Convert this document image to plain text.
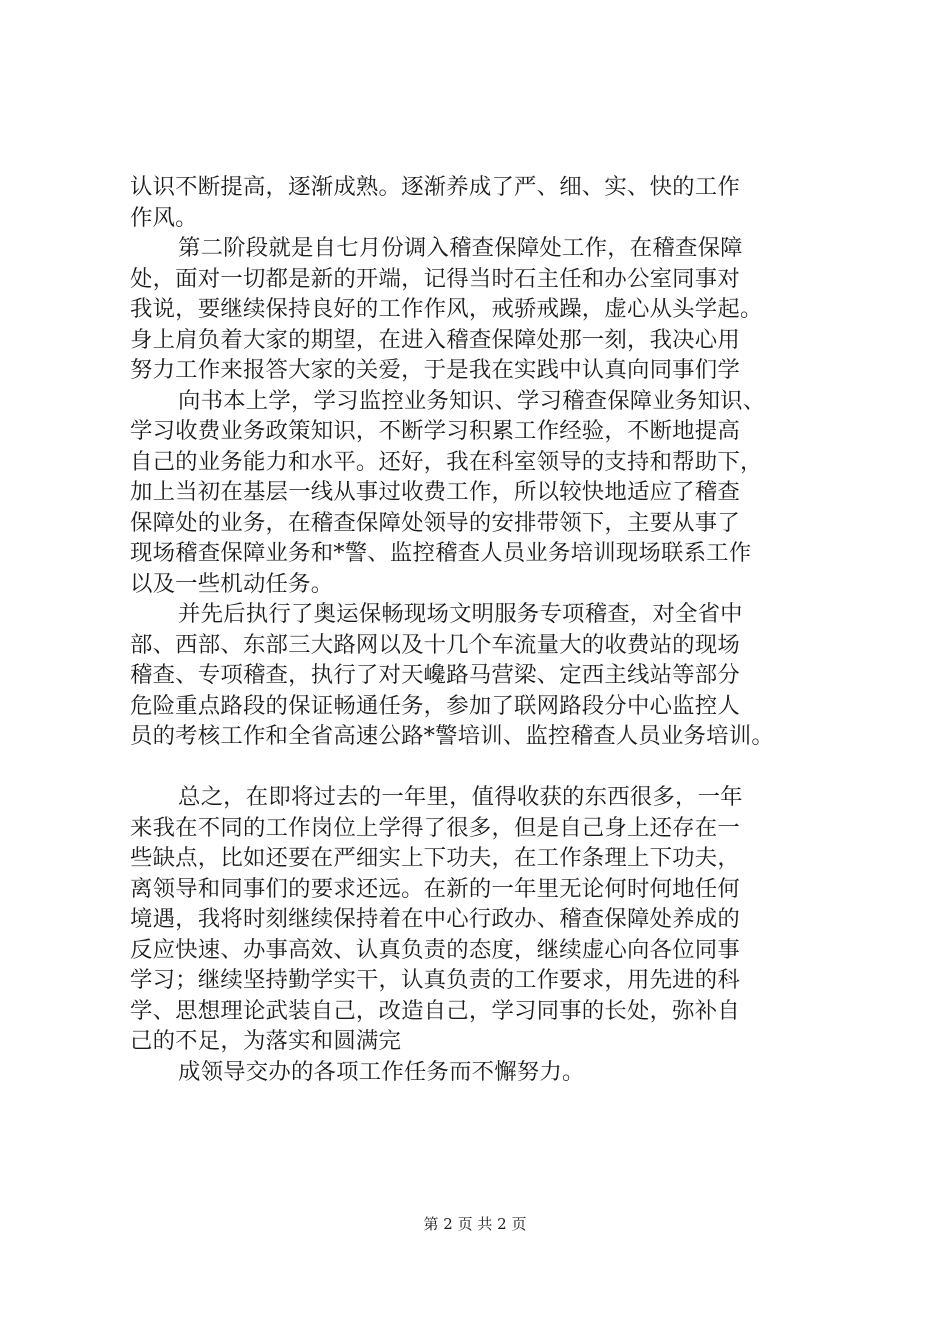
认识不断提高，逐渐成熟。逐渐养成了严、细、实、快的工作
作风。
第二阶段就是自七月份调入稽查保障处工作，在稽查保障
处，面对一切都是新的开端，记得当时石主任和办公室同事对
我说，要继续保持良好的工作作风，戒骄戒躁，虚心从头学起。
身上肩负着大家的期望，在进入稽查保障处那一刻，我决心用
努力工作来报答大家的关爱，于是我在实践中认真向同事们学
向书本上学，学习监控业务知识、学习稽查保障业务知识、
学习收费业务政策知识，不断学习积累工作经验，不断地提高
自己的业务能力和水平。还好，我在科室领导的支持和帮助下，
加上当初在基层一线从事过收费工作，所以较快地适应了稽查
保障处的业务，在稽查保障处领导的安排带领下，主要从事了
现场稽查保障业务和*警、监控稽查人员业务培训现场联系工作
以及一些机动任务。
并先后执行了奥运保畅现场文明服务专项稽查，对全省中
部、西部、东部三大路网以及十几个车流量大的收费站的现场
稽查、专项稽查，执行了对天巉路马营梁、定西主线站等部分
危险重点路段的保证畅通任务，参加了联网路段分中心监控人
员的考核工作和全省高速公路*警培训、监控稽查人员业务培训。
总之，在即将过去的一年里，值得收获的东西很多，一年
来我在不同的工作岗位上学得了很多，但是自己身上还存在一
些缺点，比如还要在严细实上下功夫，在工作条理上下功夫，
离领导和同事们的要求还远。在新的一年里无论何时何地任何
境遇，我将时刻继续保持着在中心行政办、稽查保障处养成的
反应快速、办事高效、认真负责的态度，继续虚心向各位同事
学习；继续坚持勤学实干，认真负责的工作要求，用先进的科
学、思想理论武装自己，改造自己，学习同事的长处，弥补自
己的不足，为落实和圆满完
成领导交办的各项工作任务而不懈努力。
第 2 页 共 2 页
